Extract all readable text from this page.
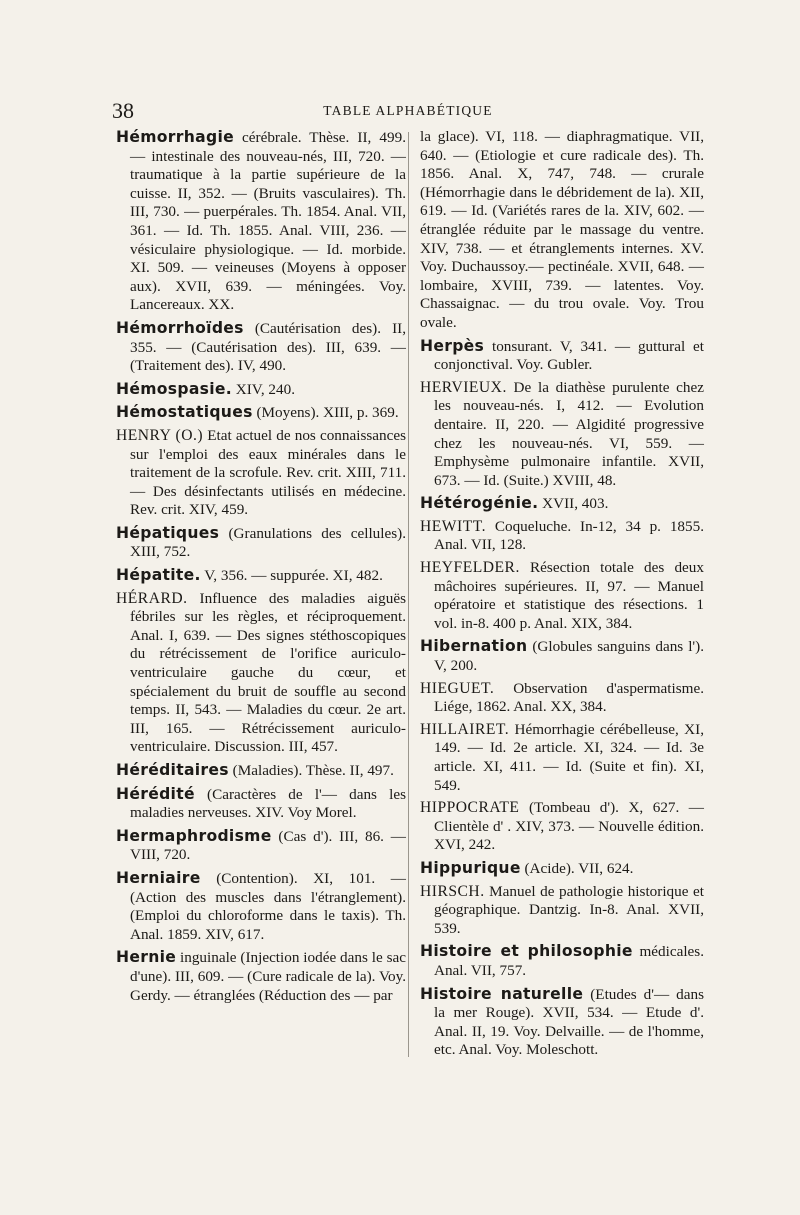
38	TABLE ALPHABÉTIQUE

Hémorrhagie cérébrale. Thèse. II, 499. — intestinale des nouveau-nés, III, 720. — traumatique à la partie supérieure de la cuisse. II, 352. — (Bruits vasculaires). Th. III, 730. — puerpérales. Th. 1854. Anal. VII, 361. — Id. Th. 1855. Anal. VIII, 236. — vésiculaire physiologique. — Id. morbide. XI. 509. — veineuses (Moyens à opposer aux). XVII, 639. — méningées. Voy. Lancereaux. XX.

Hémorrhoïdes (Cautérisation des). II, 355. — (Cautérisation des). III, 639. — (Traitement des). IV, 490.

Hémospasie. XIV, 240.

Hémostatiques (Moyens). XIII, p. 369.

HENRY (O.) Etat actuel de nos connaissances sur l'emploi des eaux minérales dans le traitement de la scrofule. Rev. crit. XIII, 711. — Des désinfectants utilisés en médecine. Rev. crit. XIV, 459.

Hépatiques (Granulations des cellules). XIII, 752.

Hépatite. V, 356. — suppurée. XI, 482.

HÉRARD. Influence des maladies aiguës fébriles sur les règles, et réciproquement. Anal. I, 639. — Des signes stéthoscopiques du rétrécissement de l'orifice auriculo-ventriculaire gauche du cœur, et spécialement du bruit de souffle au second temps. II, 543. — Maladies du cœur. 2e art. III, 165. — Rétrécissement auriculo-ventriculaire. Discussion. III, 457.

Héréditaires (Maladies). Thèse. II, 497.

Hérédité (Caractères de l'— dans les maladies nerveuses. XIV. Voy Morel.

Hermaphrodisme (Cas d'). III, 86. — VIII, 720.

Herniaire (Contention). XI, 101. — (Action des muscles dans l'étranglement). (Emploi du chloroforme dans le taxis). Th. Anal. 1859. XIV, 617.

Hernie inguinale (Injection iodée dans le sac d'une). III, 609. — (Cure radicale de la). Voy. Gerdy. — étranglées (Réduction des — par

la glace). VI, 118. — diaphragmatique. VII, 640. — (Etiologie et cure radicale des). Th. 1856. Anal. X, 747, 748. — crurale (Hémorrhagie dans le débridement de la). XII, 619. — Id. (Variétés rares de la. XIV, 602. — étranglée réduite par le massage du ventre. XIV, 738. — et étranglements internes. XV. Voy. Duchaussoy.— pectinéale. XVII, 648. — lombaire, XVIII, 739. — latentes. Voy. Chassaignac. — du trou ovale. Voy. Trou ovale.

Herpès tonsurant. V, 341. — guttural et conjonctival. Voy. Gubler.

HERVIEUX. De la diathèse purulente chez les nouveau-nés. I, 412. — Evolution dentaire. II, 220. — Algidité progressive chez les nouveau-nés. VI, 559. — Emphysème pulmonaire infantile. XVII, 673. — Id. (Suite.) XVIII, 48.

Hétérogénie. XVII, 403.

HEWITT. Coqueluche. In-12, 34 p. 1855. Anal. VII, 128.

HEYFELDER. Résection totale des deux mâchoires supérieures. II, 97. — Manuel opératoire et statistique des résections. 1 vol. in-8. 400 p. Anal. XIX, 384.

Hibernation (Globules sanguins dans l'). V, 200.

HIEGUET. Observation d'aspermatisme. Liége, 1862. Anal. XX, 384.

HILLAIRET. Hémorrhagie cérébelleuse, XI, 149. — Id. 2e article. XI, 324. — Id. 3e article. XI, 411. — Id. (Suite et fin). XI, 549.

HIPPOCRATE (Tombeau d'). X, 627. — Clientèle d' . XIV, 373. — Nouvelle édition. XVI, 242.

Hippurique (Acide). VII, 624.

HIRSCH. Manuel de pathologie historique et géographique. Dantzig. In-8. Anal. XVII, 539.

Histoire et philosophie médicales. Anal. VII, 757.

Histoire naturelle (Etudes d'— dans la mer Rouge). XVII, 534. — Etude d'. Anal. II, 19. Voy. Delvaille. — de l'homme, etc. Anal. Voy. Moleschott.
